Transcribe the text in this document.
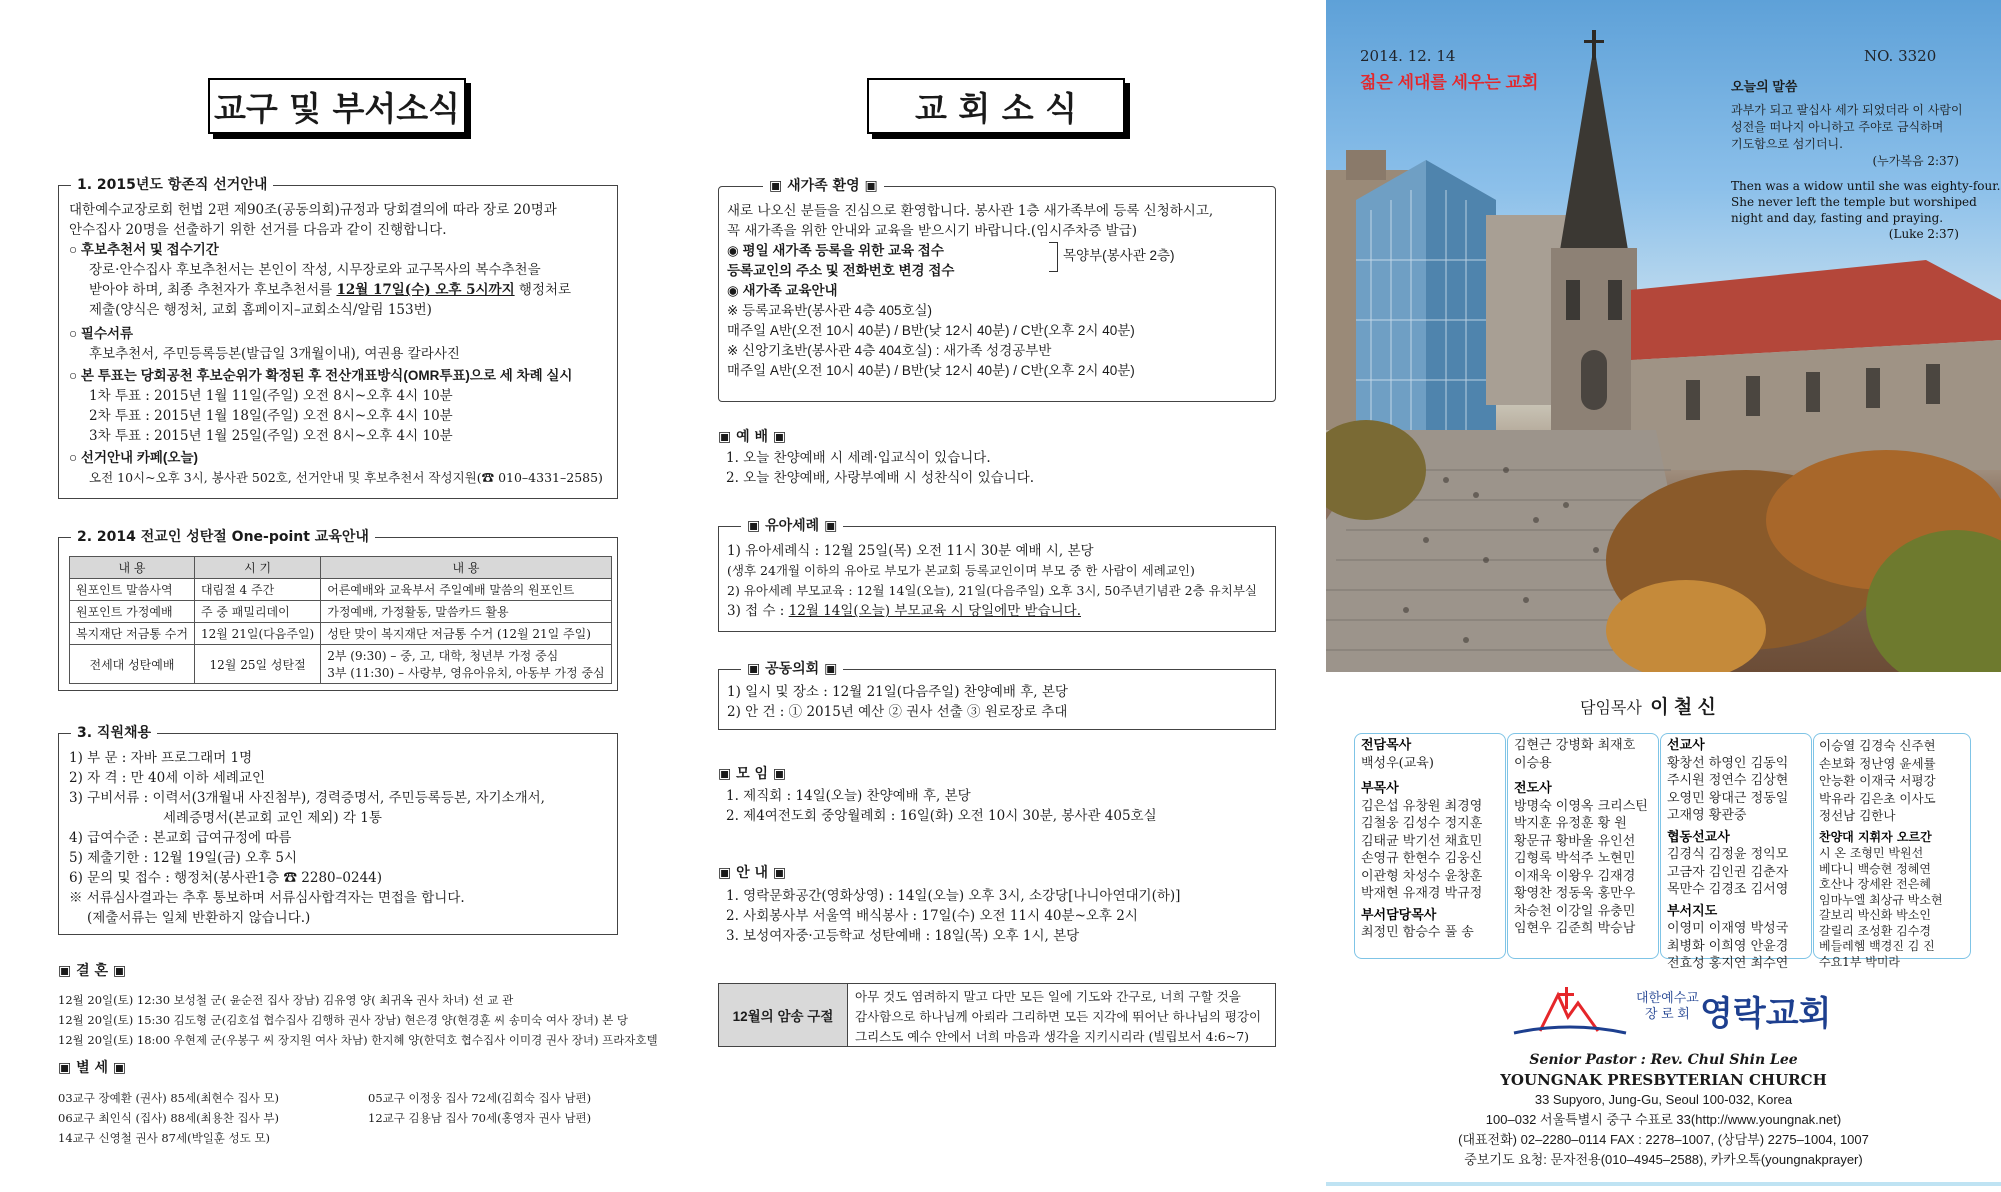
교구 및 부서소식
1. 2015년도 항존직 선거안내
대한예수교장로회 헌법 2편 제90조(공동의회)규정과 당회결의에 따라 장로 20명과
안수집사 20명을 선출하기 위한 선거를 다음과 같이 진행합니다.
○ 후보추천서 및 접수기간
장로·안수집사 후보추천서는 본인이 작성, 시무장로와 교구목사의 복수추천을
받아야 하며, 최종 추천자가 후보추천서를 12월 17일(수) 오후 5시까지 행정처로
제출(양식은 행정처, 교회 홈페이지–교회소식/알림 153번)
○ 필수서류
후보추천서, 주민등록등본(발급일 3개월이내), 여권용 칼라사진
○ 본 투표는 당회공천 후보순위가 확정된 후 전산개표방식(OMR투표)으로 세 차례 실시
1차 투표 : 2015년 1월 11일(주일) 오전 8시~오후 4시 10분
2차 투표 : 2015년 1월 18일(주일) 오전 8시~오후 4시 10분
3차 투표 : 2015년 1월 25일(주일) 오전 8시~오후 4시 10분
○ 선거안내 카페(오늘)
오전 10시~오후 3시, 봉사관 502호, 선거안내 및 후보추천서 작성지원(☎ 010–4331–2585)
2. 2014 전교인 성탄절 One-point 교육안내
내 용	시 기	내 용
원포인트 말씀사역	대림절 4 주간	어른예배와 교육부서 주일예배 말씀의 원포인트
원포인트 가정예배	주 중 패밀리데이	가정예배, 가정활동, 말씀카드 활용
복지재단 저금통 수거	12월 21일(다음주일)	성탄 맞이 복지재단 저금통 수거 (12월 21일 주일)
전세대 성탄예배	12월 25일 성탄절	2부 (9:30) – 중, 고, 대학, 청년부 가정 중심
3부 (11:30) – 사랑부, 영유아유치, 아동부 가정 중심
3. 직원채용
1) 부 문 : 자바 프로그래머 1명
2) 자 격 : 만 40세 이하 세례교인
3) 구비서류 : 이력서(3개월내 사진첨부), 경력증명서, 주민등록등본, 자기소개서,
세례증명서(본교회 교인 제외) 각 1통
4) 급여수준 : 본교회 급여규정에 따름
5) 제출기한 : 12월 19일(금) 오후 5시
6) 문의 및 접수 : 행정처(봉사관1층 ☎ 2280–0244)
※ 서류심사결과는 추후 통보하며 서류심사합격자는 면접을 합니다.
(제출서류는 일체 반환하지 않습니다.)
▣ 결 혼 ▣
12월 20일(토) 12:30 보성철 군( 윤순전 집사 장남) 김유영 양( 최귀옥 권사 차녀) 선 교 관
12월 20일(토) 15:30 김도형 군(김호섭 협수집사 김행하 권사 장남) 현은경 양(현경훈 씨 송미숙 여사 장녀) 본 당
12월 20일(토) 18:00 우현제 군(우봉구 씨 장지원 여사 차남) 한지혜 양(한덕호 협수집사 이미경 권사 장녀) 프라자호텔
▣ 별 세 ▣
03교구 장예환 (권사) 85세(최현수 집사 모)
06교구 최인식 (집사) 88세(최용찬 집사 부)
14교구 신영철 권사 87세(박일훈 성도 모)
05교구 이정웅 집사 72세(김희숙 집사 남편)
12교구 김용남 집사 70세(홍영자 권사 남편)
교 회 소 식
▣ 새가족 환영 ▣
새로 나오신 분들을 진심으로 환영합니다. 봉사관 1층 새가족부에 등록 신청하시고,
꼭 새가족을 위한 안내와 교육을 받으시기 바랍니다.(임시주차증 발급)
◉ 평일 새가족 등록을 위한 교육 접수
등록교인의 주소 및 전화번호 변경 접수
◉ 새가족 교육안내
※ 등록교육반(봉사관 4층 405호실)
매주일 A반(오전 10시 40분) / B반(낮 12시 40분) / C반(오후 2시 40분)
※ 신앙기초반(봉사관 4층 404호실) : 새가족 성경공부반
매주일 A반(오전 10시 40분) / B반(낮 12시 40분) / C반(오후 2시 40분)
목양부(봉사관 2층)
▣ 예 배 ▣
1. 오늘 찬양예배 시 세례·입교식이 있습니다.
2. 오늘 찬양예배, 사랑부예배 시 성찬식이 있습니다.
▣ 유아세례 ▣
1) 유아세례식 : 12월 25일(목) 오전 11시 30분 예배 시, 본당
(생후 24개월 이하의 유아로 부모가 본교회 등록교인이며 부모 중 한 사람이 세례교인)
2) 유아세례 부모교육 : 12월 14일(오늘), 21일(다음주일) 오후 3시, 50주년기념관 2층 유치부실
3) 접 수 : 12월 14일(오늘) 부모교육 시 당일에만 받습니다.
▣ 공동의회 ▣
1) 일시 및 장소 : 12월 21일(다음주일) 찬양예배 후, 본당
2) 안 건 : ① 2015년 예산 ② 권사 선출 ③ 원로장로 추대
▣ 모 임 ▣
1. 제직회 : 14일(오늘) 찬양예배 후, 본당
2. 제4여전도회 중앙월례회 : 16일(화) 오전 10시 30분, 봉사관 405호실
▣ 안 내 ▣
1. 영락문화공간(영화상영) : 14일(오늘) 오후 3시, 소강당[나니아연대기(하)]
2. 사회봉사부 서울역 배식봉사 : 17일(수) 오전 11시 40분~오후 2시
3. 보성여자중·고등학교 성탄예배 : 18일(목) 오후 1시, 본당
12월의 암송 구절
아무 것도 염려하지 말고 다만 모든 일에 기도와 간구로, 너희 구할 것을
감사함으로 하나님께 아뢰라 그리하면 모든 지각에 뛰어난 하나님의 평강이
그리스도 예수 안에서 너희 마음과 생각을 지키시리라 (빌립보서 4:6~7)
2014. 12. 14	NO. 3320
젊은 세대를 세우는 교회	오늘의 말씀
과부가 되고 팔십사 세가 되었더라 이 사람이
성전을 떠나지 아니하고 주야로 금식하며
기도함으로 섬기더니.
(누가복음 2:37)
Then was a widow until she was eighty-four.
She never left the temple but worshiped
night and day, fasting and praying.
(Luke 2:37)
담임목사 이 철 신
전담목사
백성우(교육)
부목사
김은섭 유창원 최경영
김철웅 김성수 정지훈
김태균 박기선 채효민
손영규 한현수 김웅신
이관형 차성수 윤창훈
박재현 유재경 박규정
부서담당목사
최정민 함승수 풀 송
김현근 강병화 최재호
이승용
전도사
방명숙 이영옥 크리스틴
박지훈 유정훈 황 원
황문규 황바울 유인선
김형록 박석주 노현민
이재욱 이왕우 김재경
황영찬 정동욱 홍만우
차승천 이강일 유충민
임현우 김준희 박승남
선교사
황창선 하영인 김동익
주시원 정연수 김상현
오영민 왕대근 정동일
고재영 황관중
협동선교사
김경식 김정윤 정익모
고금자 김인권 김춘자
목만수 김경조 김서영
부서지도
이영미 이재영 박성국
최병화 이희영 안윤경
전효성 홍지연 최수연
이승열 김경숙 신주현
손보화 정난영 윤세률
안능환 이재국 서평강
박유라 김은초 이사도
정선남 김한나
찬양대 지휘자 오르간
시 온 조형민 박원선
베다니 백승현 정혜연
호산나 장세완 전은혜
임마누엘 최상규 박소현
갈보리 박신화 박소인
갈릴리 조성환 김수경
베들레헴 백경진 김 진
수요1부 박미라
대한예수교
장 로 회 영락교회
Senior Pastor : Rev. Chul Shin Lee
YOUNGNAK PRESBYTERIAN CHURCH
33 Supyoro, Jung-Gu, Seoul 100-032, Korea
100–032 서울특별시 중구 수표로 33(http://www.youngnak.net)
(대표전화) 02–2280–0114 FAX : 2278–1007, (상담부) 2275–1004, 1007
중보기도 요청: 문자전용(010–4945–2588), 카카오톡(youngnakprayer)
